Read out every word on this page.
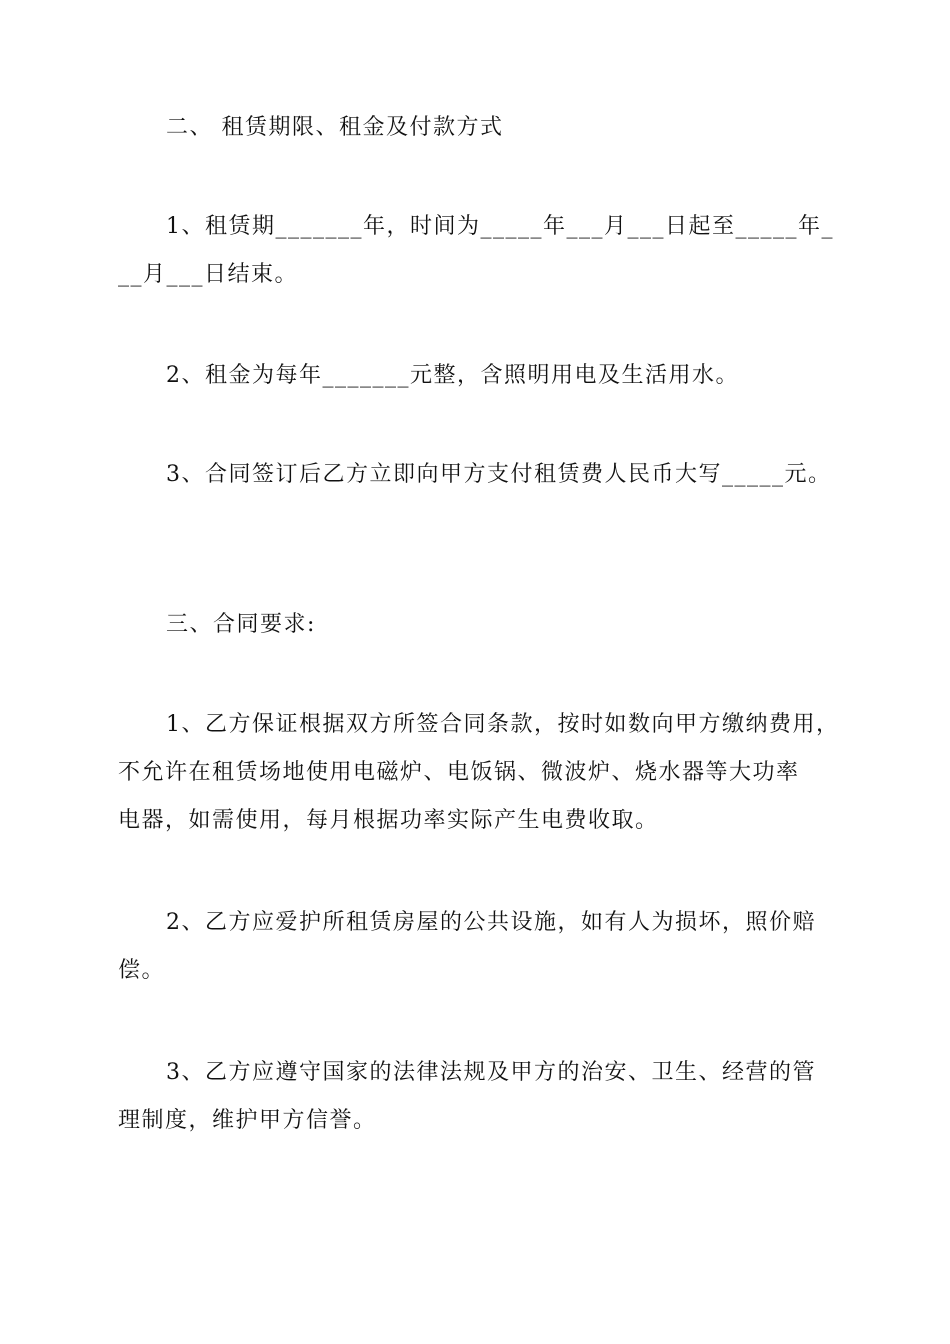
二、 租赁期限、租金及付款方式
1、租赁期_______年，时间为_____年___月___日起至_____年_
__月___日结束。
2、租金为每年_______元整，含照明用电及生活用水。
3、合同签订后乙方立即向甲方支付租赁费人民币大写_____元。
三、合同要求:
1、乙方保证根据双方所签合同条款，按时如数向甲方缴纳费用，
不允许在租赁场地使用电磁炉、电饭锅、微波炉、烧水器等大功率
电器，如需使用，每月根据功率实际产生电费收取。
2、乙方应爱护所租赁房屋的公共设施，如有人为损坏，照价赔
偿。
3、乙方应遵守国家的法律法规及甲方的治安、卫生、经营的管
理制度，维护甲方信誉。
